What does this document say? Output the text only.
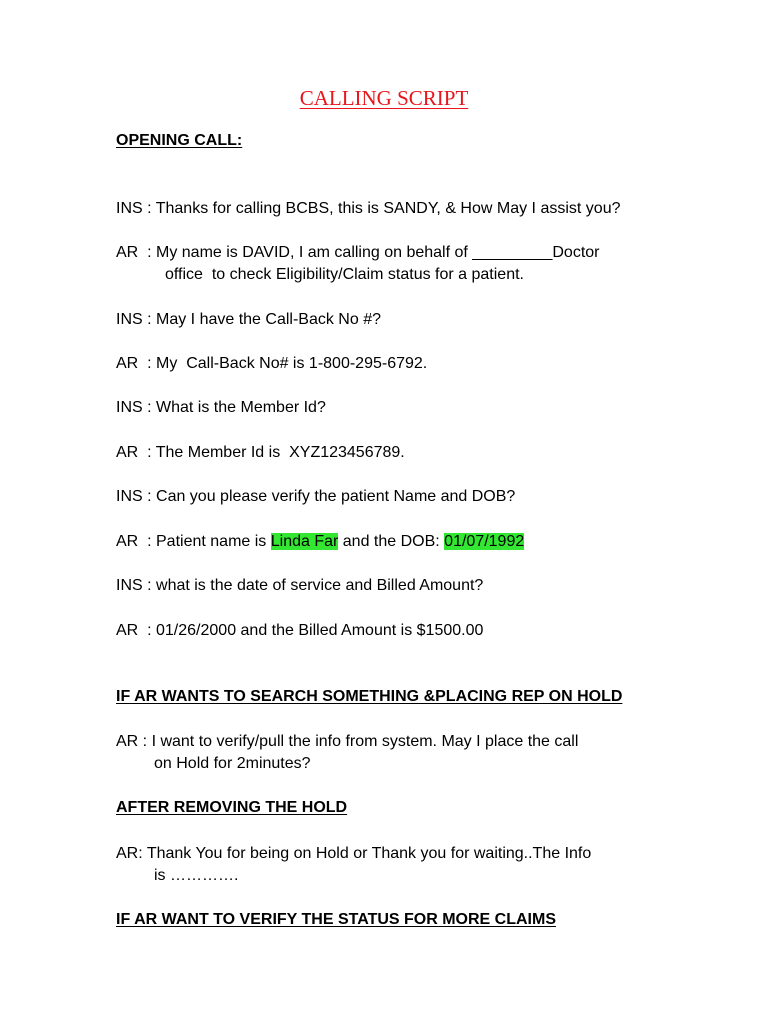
CALLING SCRIPT
OPENING CALL:
INS : Thanks for calling BCBS, this is SANDY, & How May I assist you?
AR  : My name is DAVID, I am calling on behalf of _________Doctor
office  to check Eligibility/Claim status for a patient.
INS : May I have the Call-Back No #?
AR  : My  Call-Back No# is 1-800-295-6792.
INS : What is the Member Id?
AR  : The Member Id is  XYZ123456789.
INS : Can you please verify the patient Name and DOB?
AR  : Patient name is Linda Far and the DOB: 01/07/1992
INS : what is the date of service and Billed Amount?
AR  : 01/26/2000 and the Billed Amount is $1500.00
IF AR WANTS TO SEARCH SOMETHING &PLACING REP ON HOLD
AR : I want to verify/pull the info from system. May I place the call
on Hold for 2minutes?
AFTER REMOVING THE HOLD
AR: Thank You for being on Hold or Thank you for waiting..The Info
is ………….
IF AR WANT TO VERIFY THE STATUS FOR MORE CLAIMS
